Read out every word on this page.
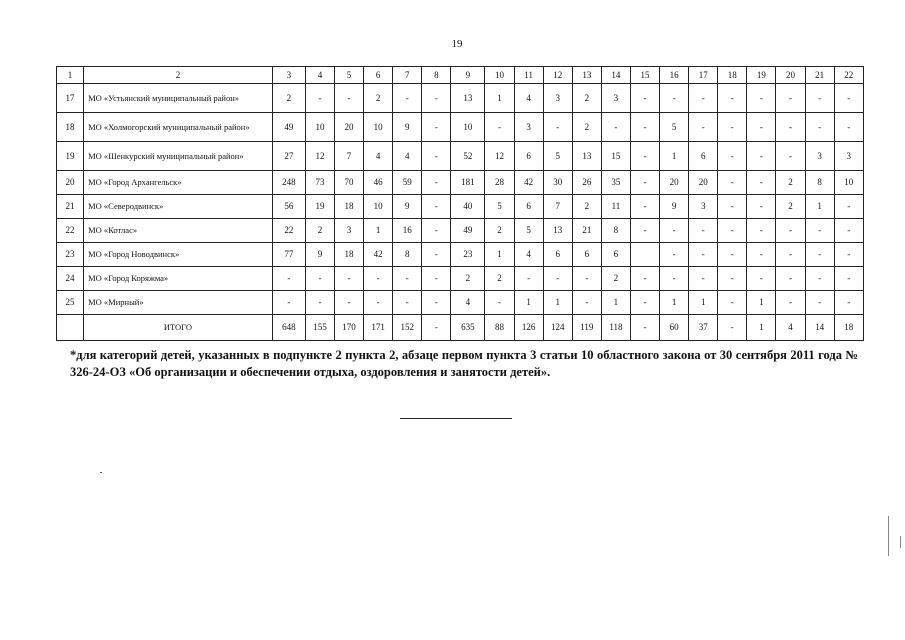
19
1	2	3	4	5	6	7	8	9	10	11	12	13	14	15	16	17	18	19	20	21	22
17	МО «Устьянский муниципальный район»	2	-	-	2	-	-	13	1	4	3	2	3	-	-	-	-	-	-	-	-
18	МО «Холмогорский муниципальный район»	49	10	20	10	9	-	10	-	3	-	2	-	-	5	-	-	-	-	-	-
19	МО «Шенкурский муниципальный район»	27	12	7	4	4	-	52	12	6	5	13	15	-	1	6	-	-	-	3	3
20	МО «Город Архангельск»	248	73	70	46	59	-	181	28	42	30	26	35	-	20	20	-	-	2	8	10
21	МО «Северодвинск»	56	19	18	10	9	-	40	5	6	7	2	11	-	9	3	-	-	2	1	-
22	МО «Котлас»	22	2	3	1	16	-	49	2	5	13	21	8	-	-	-	-	-	-	-	-
23	МО «Город Новодвинск»	77	9	18	42	8	-	23	1	4	6	6	6		-	-	-	-	-	-	-
24	МО «Город Коряжма»	-	-	-	-	-	-	2	2	-	-	-	2	-	-	-	-	-	-	-	-
25	МО «Мирный»	-	-	-	-	-	-	4	-	1	1	-	1	-	1	1	-	1	-	-	-
	ИТОГО	648	155	170	171	152	-	635	88	126	124	119	118	-	60	37	-	1	4	14	18
*для категорий детей, указанных в подпункте 2 пункта 2, абзаце первом пункта 3 статьи 10 областного закона от 30 сентября 2011 года № 326-24-ОЗ «Об организации и обеспечении отдыха, оздоровления и занятости детей».
